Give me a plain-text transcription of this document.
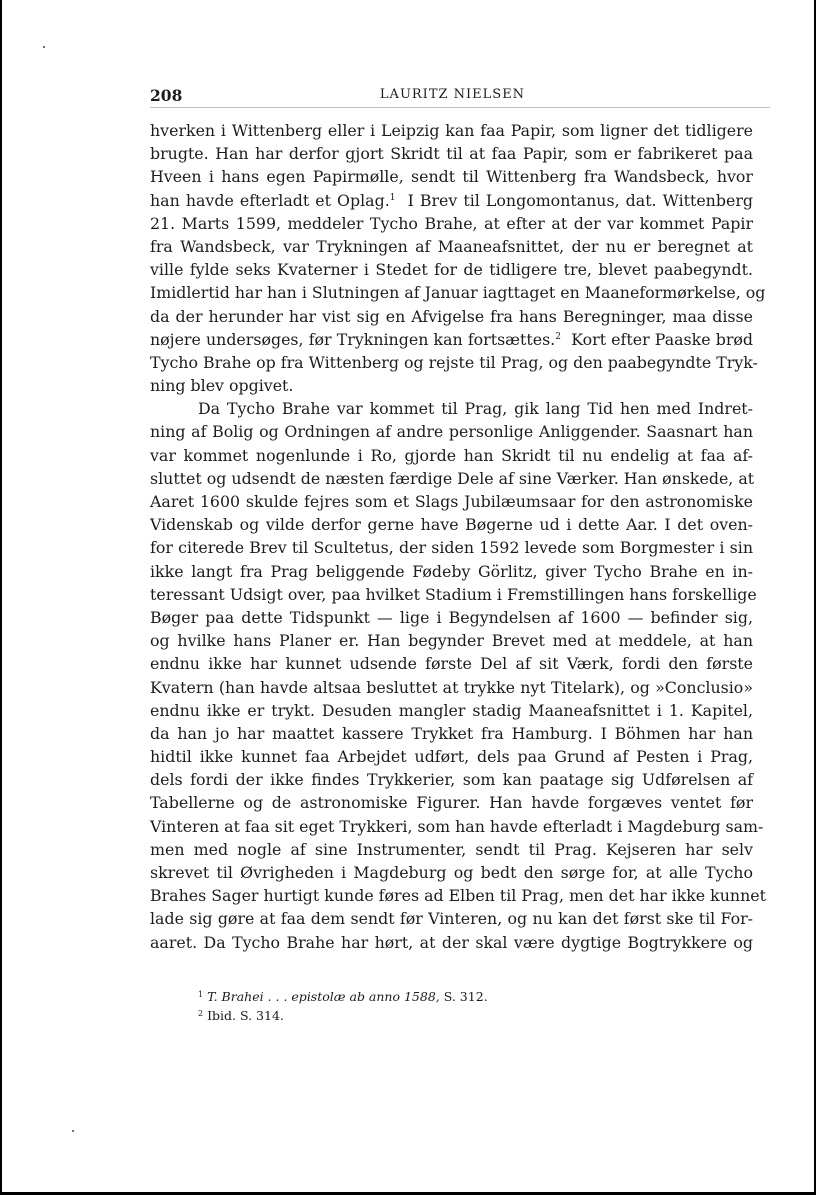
208	LAURITZ NIELSEN
hverken i Wittenberg eller i Leipzig kan faa Papir, som ligner det tidligere
brugte. Han har derfor gjort Skridt til at faa Papir, som er fabrikeret paa
Hveen i hans egen Papirmølle, sendt til Wittenberg fra Wandsbeck, hvor
han havde efterladt et Oplag.$^1$ I Brev til Longomontanus, dat. Wittenberg
21. Marts 1599, meddeler Tycho Brahe, at efter at der var kommet Papir
fra Wandsbeck, var Trykningen af Maaneafsnittet, der nu er beregnet at
ville fylde seks Kvaterner i Stedet for de tidligere tre, blevet paabegyndt.
Imidlertid har han i Slutningen af Januar iagttaget en Maaneformørkelse, og
da der herunder har vist sig en Afvigelse fra hans Beregninger, maa disse
nøjere undersøges, før Trykningen kan fortsættes.$^2$ Kort efter Paaske brød
Tycho Brahe op fra Wittenberg og rejste til Prag, og den paabegyndte Tryk-
ning blev opgivet.
Da Tycho Brahe var kommet til Prag, gik lang Tid hen med Indret-
ning af Bolig og Ordningen af andre personlige Anliggender. Saasnart han
var kommet nogenlunde i Ro, gjorde han Skridt til nu endelig at faa af-
sluttet og udsendt de næsten færdige Dele af sine Værker. Han ønskede, at
Aaret 1600 skulde fejres som et Slags Jubilæumsaar for den astronomiske
Videnskab og vilde derfor gerne have Bøgerne ud i dette Aar. I det oven-
for citerede Brev til Scultetus, der siden 1592 levede som Borgmester i sin
ikke langt fra Prag beliggende Fødeby Görlitz, giver Tycho Brahe en in-
teressant Udsigt over, paa hvilket Stadium i Fremstillingen hans forskellige
Bøger paa dette Tidspunkt — lige i Begyndelsen af 1600 — befinder sig,
og hvilke hans Planer er. Han begynder Brevet med at meddele, at han
endnu ikke har kunnet udsende første Del af sit Værk, fordi den første
Kvatern (han havde altsaa besluttet at trykke nyt Titelark), og »Conclusio»
endnu ikke er trykt. Desuden mangler stadig Maaneafsnittet i 1. Kapitel,
da han jo har maattet kassere Trykket fra Hamburg. I Böhmen har han
hidtil ikke kunnet faa Arbejdet udført, dels paa Grund af Pesten i Prag,
dels fordi der ikke findes Trykkerier, som kan paatage sig Udførelsen af
Tabellerne og de astronomiske Figurer. Han havde forgæves ventet før
Vinteren at faa sit eget Trykkeri, som han havde efterladt i Magdeburg sam-
men med nogle af sine Instrumenter, sendt til Prag. Kejseren har selv
skrevet til Øvrigheden i Magdeburg og bedt den sørge for, at alle Tycho
Brahes Sager hurtigt kunde føres ad Elben til Prag, men det har ikke kunnet
lade sig gøre at faa dem sendt før Vinteren, og nu kan det først ske til For-
aaret. Da Tycho Brahe har hørt, at der skal være dygtige Bogtrykkere og
$^1$ T. Brahei . . . epistolæ ab anno 1588, S. 312.
$^2$ Ibid. S. 314.
